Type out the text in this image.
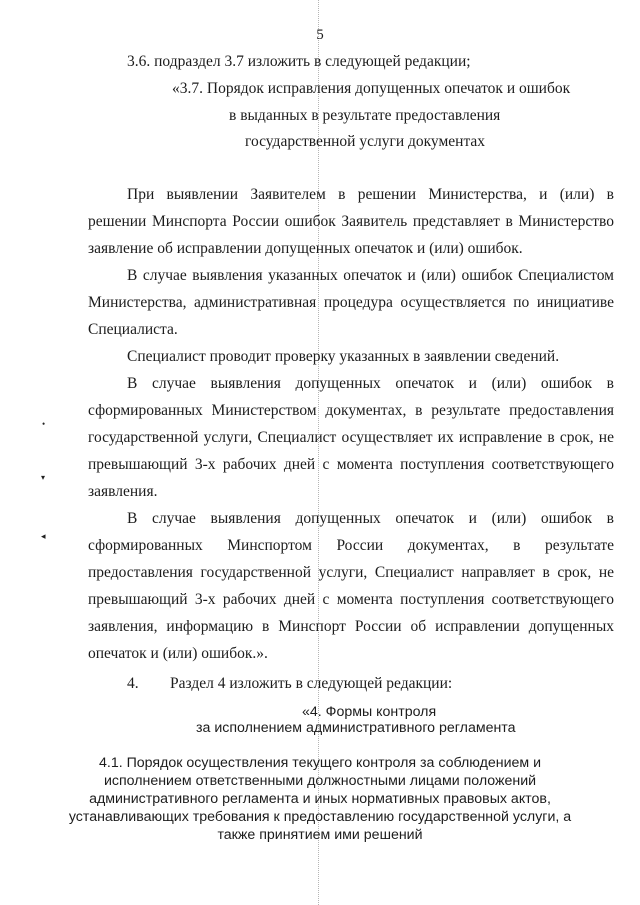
5
3.6. подраздел 3.7 изложить в следующей редакции;
«3.7. Порядок исправления допущенных опечаток и ошибок
в выданных в результате предоставления
государственной услуги документах
При выявлении Заявителем в решении Министерства, и (или) в
решении Минспорта России ошибок Заявитель представляет в Министерство
заявление об исправлении допущенных опечаток и (или) ошибок.
В случае выявления указанных опечаток и (или) ошибок Специалистом
Министерства, административная процедура осуществляется по инициативе
Специалиста.
Специалист проводит проверку указанных в заявлении сведений.
В случае выявления допущенных опечаток и (или) ошибок в
сформированных Министерством документах, в результате предоставления
государственной услуги, Специалист осуществляет их исправление в срок, не
превышающий 3-х рабочих дней с момента поступления соответствующего
заявления.
В случае выявления допущенных опечаток и (или) ошибок в
сформированных Минспортом России документах, в результате
предоставления государственной услуги, Специалист направляет в срок, не
превышающий 3-х рабочих дней с момента поступления соответствующего
заявления, информацию в Минспорт России об исправлении допущенных
опечаток и (или) ошибок.».
4. Раздел 4 изложить в следующей редакции:
«4. Формы контроля
за исполнением административного регламента
4.1. Порядок осуществления текущего контроля за соблюдением и
исполнением ответственными должностными лицами положений
административного регламента и иных нормативных правовых актов,
устанавливающих требования к предоставлению государственной услуги, а
также принятием ими решений
•
▾
◂
